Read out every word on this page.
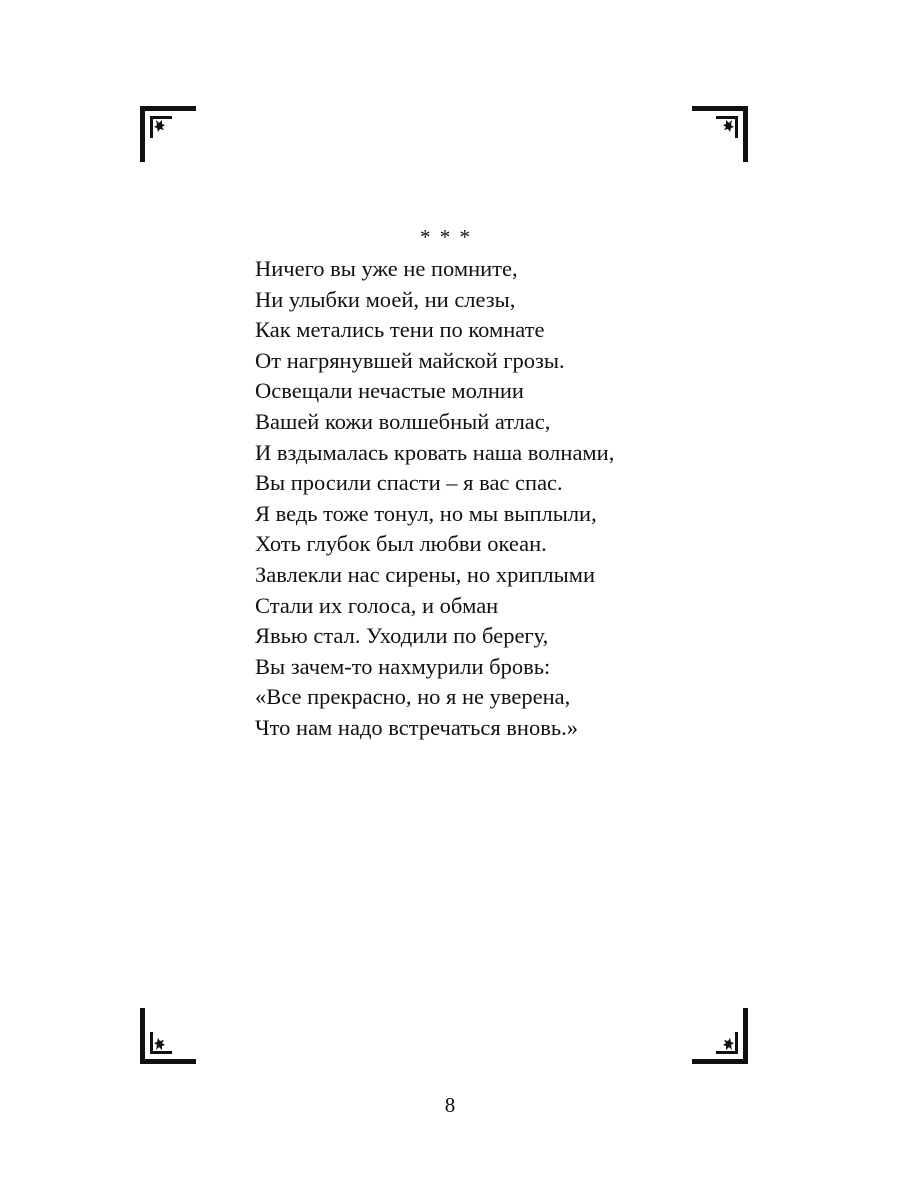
* * *
Ничего вы уже не помните,
Ни улыбки моей, ни слезы,
Как метались тени по комнате
От нагрянувшей майской грозы.
Освещали нечастые молнии
Вашей кожи волшебный атлас,
И вздымалась кровать наша волнами,
Вы просили спасти – я вас спас.
Я ведь тоже тонул, но мы выплыли,
Хоть глубок был любви океан.
Завлекли нас сирены, но хриплыми
Стали их голоса, и обман
Явью стал. Уходили по берегу,
Вы зачем-то нахмурили бровь:
«Все прекрасно, но я не уверена,
Что нам надо встречаться вновь.»
8
